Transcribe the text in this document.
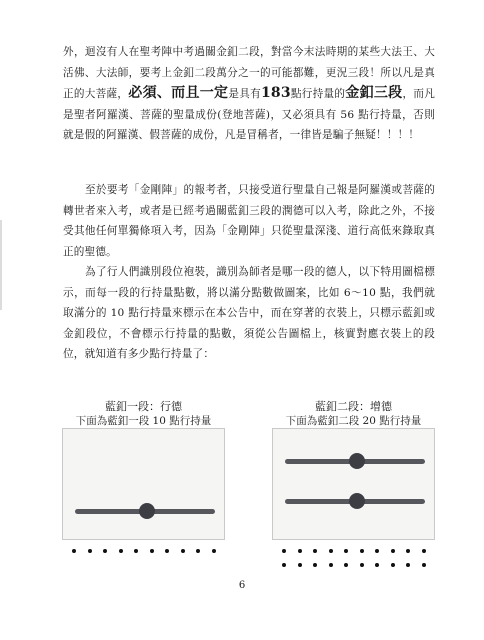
外，迴沒有人在聖考陣中考過關金釦二段，對當今末法時期的某些大法王、大活佛、大法師，要考上金釦二段萬分之一的可能都難，更況三段！所以凡是真正的大菩薩，必須、而且一定是具有183點行持量的金釦三段，而凡是聖者阿羅漢、菩薩的聖量成份(登地菩薩)，又必須具有 56 點行持量，否則就是假的阿羅漢、假菩薩的成份，凡是冒稱者，一律皆是騙子無疑！！！！
至於要考「金剛陣」的報考者，只接受道行聖量自己報是阿羅漢或菩薩的轉世者來入考，或者是已經考過關藍釦三段的潤德可以入考，除此之外，不接受其他任何單獨條項入考，因為「金剛陣」只從聖量深淺、道行高低來錄取真正的聖德。
為了行人們識別段位袍裝，識別為師者是哪一段的德人，以下特用圖檔標示，而每一段的行持量點數，將以滿分點數做圖案，比如 6～10 點，我們就取滿分的 10 點行持量來標示在本公告中，而在穿著的衣裝上，只標示藍釦或金釦段位，不會標示行持量的點數，須從公告圖檔上，核實對應衣裝上的段位，就知道有多少點行持量了：
藍釦一段：行德
下面為藍釦一段 10 點行持量
藍釦二段：增德
下面為藍釦二段 20 點行持量
6
